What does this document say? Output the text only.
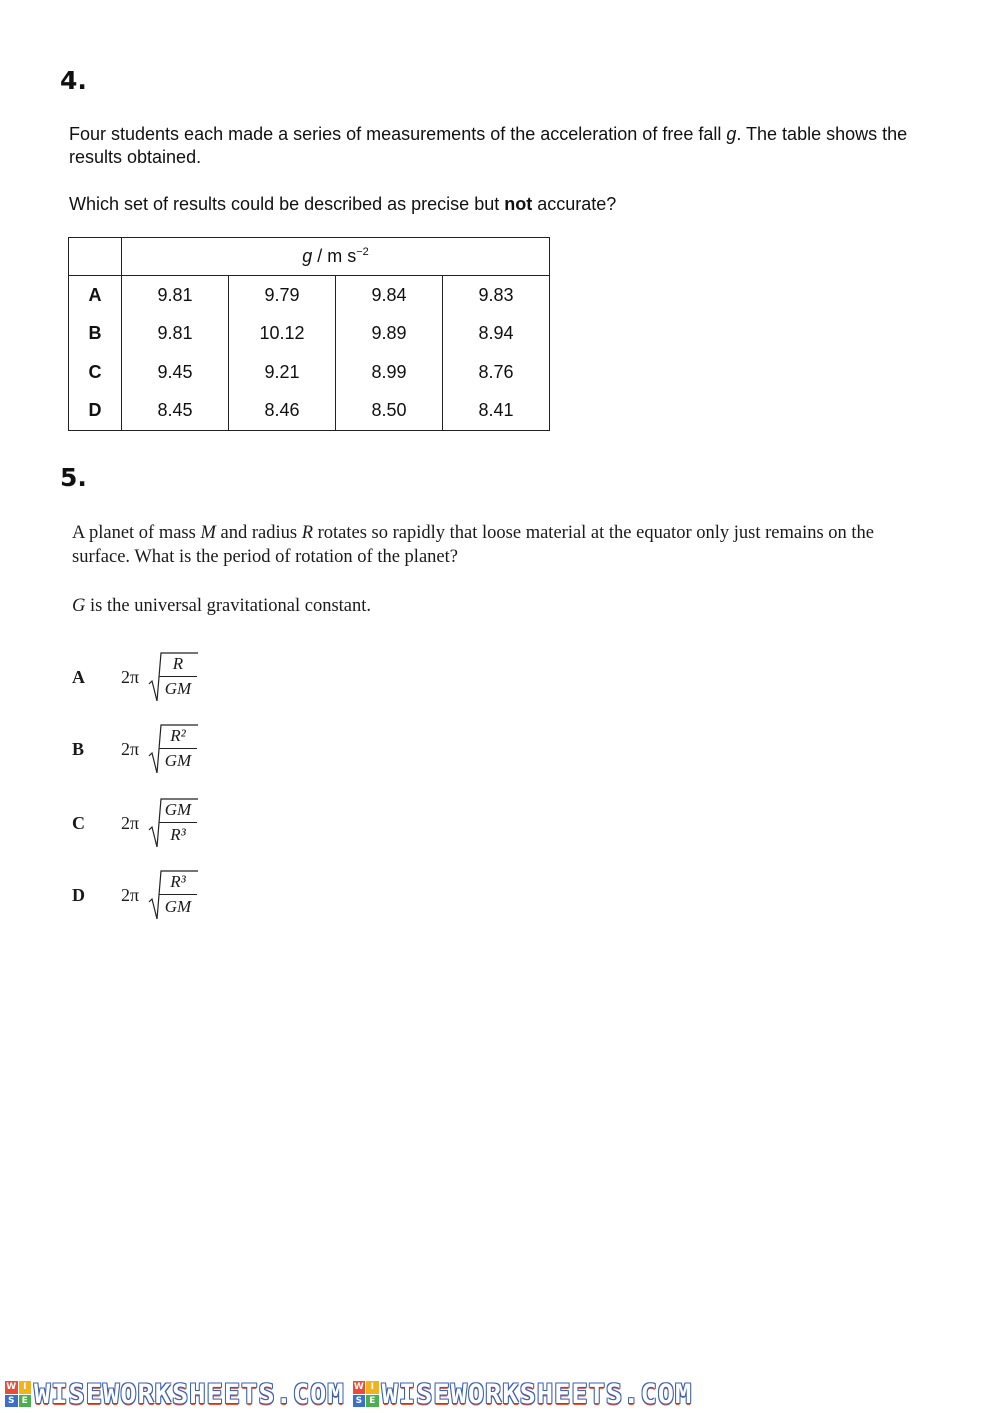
4.
Four students each made a series of measurements of the acceleration of free fall g. The table shows the results obtained.
Which set of results could be described as precise but not accurate?
	g / m $s^{-2}$
A	9.81	9.79	9.84	9.83
B	9.81	10.12	9.89	8.94
C	9.45	9.21	8.99	8.76
D	8.45	8.46	8.50	8.41
5.
A planet of mass M and radius R rotates so rapidly that loose material at the equator only just remains on the surface. What is the period of rotation of the planet?
G is the universal gravitational constant.
A $2\pi \frac{R}{GM}$
B $2\pi \frac{\text{R²}}{GM}$
C $2\pi \frac{GM}{\text{R³}}$
D $2\pi \frac{\text{R³}}{GM}$
W I
S E WISEWORKSHEETS.COM W I
S E WISEWORKSHEETS.COM
